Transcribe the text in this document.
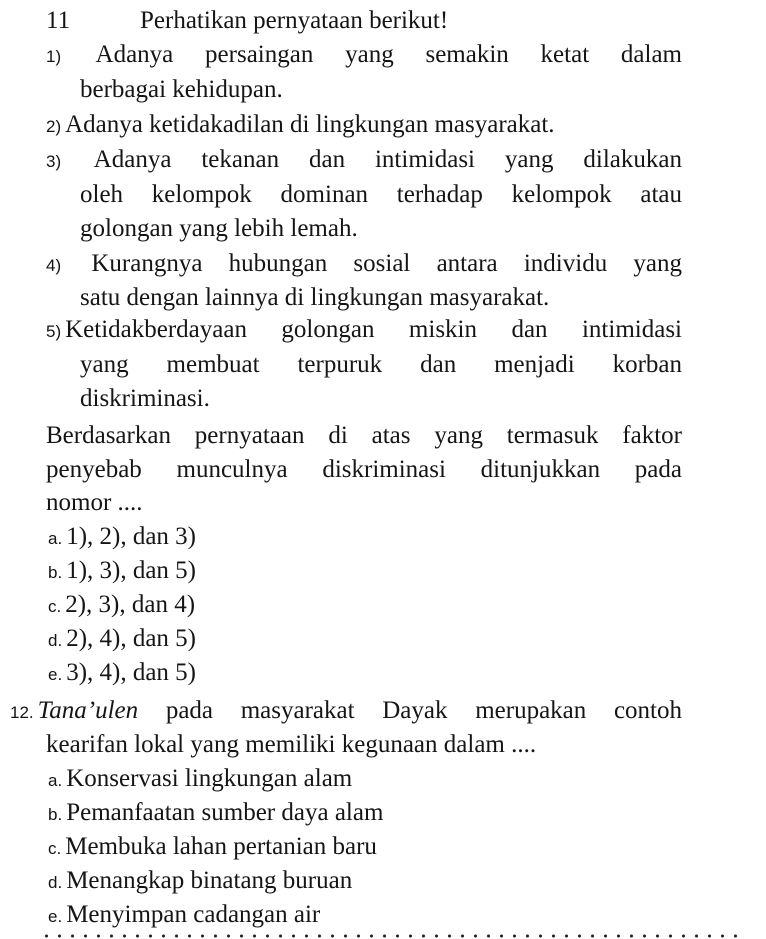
11	Perhatikan pernyataan berikut!
1) Adanya persaingan yang semakin ketat dalam
berbagai kehidupan.
2) Adanya ketidakadilan di lingkungan masyarakat.
3) Adanya tekanan dan intimidasi yang dilakukan
oleh kelompok dominan terhadap kelompok atau
golongan yang lebih lemah.
4) Kurangnya hubungan sosial antara individu yang
satu dengan lainnya di lingkungan masyarakat.
5) Ketidakberdayaan golongan miskin dan intimidasi
yang membuat terpuruk dan menjadi korban
diskriminasi.
Berdasarkan pernyataan di atas yang termasuk faktor
penyebab munculnya diskriminasi ditunjukkan pada
nomor ....
a. 1), 2), dan 3)
b. 1), 3), dan 5)
c. 2), 3), dan 4)
d. 2), 4), dan 5)
e. 3), 4), dan 5)
12. Tana’ulen pada masyarakat Dayak merupakan contoh
kearifan lokal yang memiliki kegunaan dalam ....
a. Konservasi lingkungan alam
b. Pemanfaatan sumber daya alam
c. Membuka lahan pertanian baru
d. Menangkap binatang buruan
e. Menyimpan cadangan air
